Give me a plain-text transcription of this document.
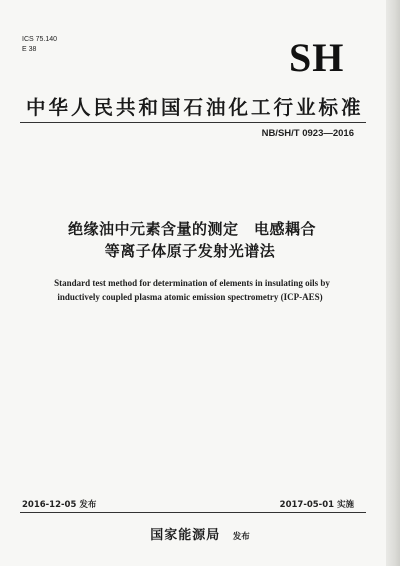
ICS 75.140
E 38	SH
中华人民共和国石油化工行业标准
NB/SH/T 0923—2016
绝缘油中元素含量的测定　电感耦合
等离子体原子发射光谱法
Standard test method for determination of elements in insulating oils by
inductively coupled plasma atomic emission spectrometry (ICP-AES)
2016-12-05 发布	2017-05-01 实施
国家能源局 发布
